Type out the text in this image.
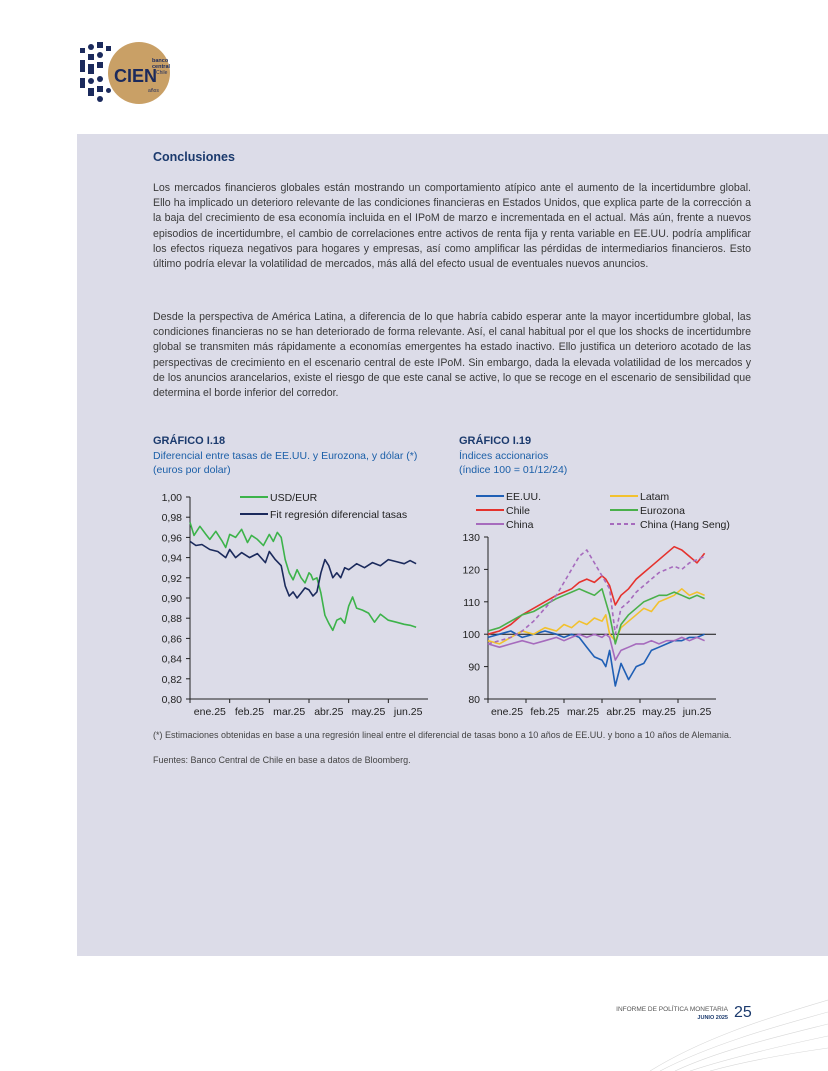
CIEN
años
banco
central
Chile
Conclusiones

Los mercados financieros globales están mostrando un comportamiento atípico ante el aumento de la incertidumbre global. Ello ha implicado un deterioro relevante de las condiciones financieras en Estados Unidos, que explica parte de la corrección a la baja del crecimiento de esa economía incluida en el IPoM de marzo e incrementada en el actual. Más aún, frente a nuevos episodios de incertidumbre, el cambio de correlaciones entre activos de renta fija y renta variable en EE.UU. podría amplificar los efectos riqueza negativos para hogares y empresas, así como amplificar las pérdidas de intermediarios financieros. Esto último podría elevar la volatilidad de mercados, más allá del efecto usual de eventuales nuevos anuncios.

Desde la perspectiva de América Latina, a diferencia de lo que habría cabido esperar ante la mayor incertidumbre global, las condiciones financieras no se han deteriorado de forma relevante. Así, el canal habitual por el que los shocks de incertidumbre global se transmiten más rápidamente a economías emergentes ha estado inactivo. Ello justifica un deterioro acotado de las perspectivas de crecimiento en el escenario central de este IPoM. Sin embargo, dada la elevada volatilidad de los mercados y de los anuncios arancelarios, existe el riesgo de que este canal se active, lo que se recoge en el escenario de sensibilidad que determina el borde inferior del corredor.

GRÁFICO I.18
Diferencial entre tasas de EE.UU. y Eurozona, y dólar (*)
(euros por dolar)
GRÁFICO I.19
Índices accionarios
(índice 100 = 01/12/24)
1,00
0,98
0,96
0,94
0,92
0,90
0,88
0,86
0,84
0,82
0,80
ene.25 feb.25 mar.25 abr.25 may.25 jun.25
USD/EUR
Fit regresión diferencial tasas
130
120
110
100
90
80
ene.25 feb.25 mar.25 abr.25 may.25 jun.25
EE.UU.	Latam
Chile	Eurozona
China	China (Hang Seng)
(*) Estimaciones obtenidas en base a una regresión lineal entre el diferencial de tasas bono a 10 años de EE.UU. y bono a 10 años de Alemania.
Fuentes: Banco Central de Chile en base a datos de Bloomberg.
INFORME DE POLÍTICA MONETARIA
JUNIO 2025 25
